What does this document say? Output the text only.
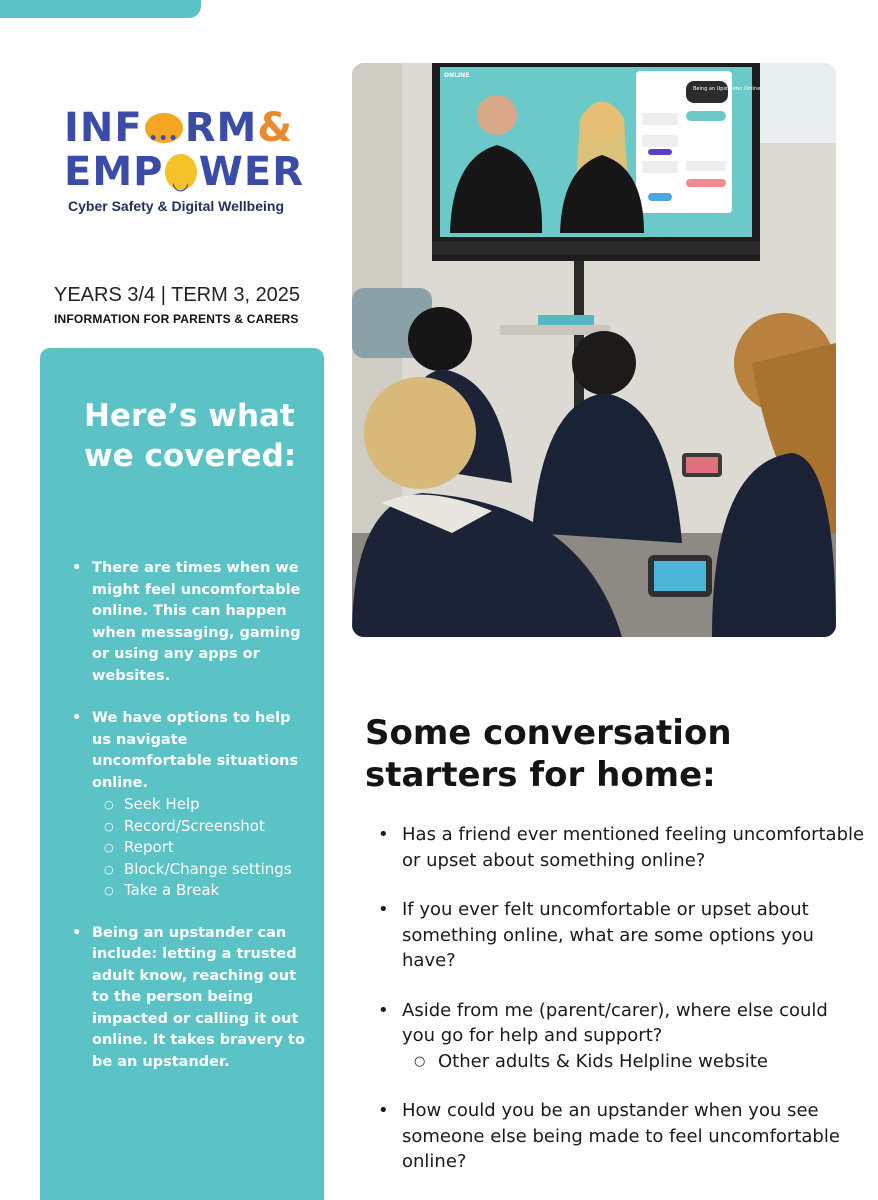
INF ••• RM &
EMP ◡ WER
Cyber Safety & Digital Wellbeing
YEARS 3/4 | TERM 3, 2025
INFORMATION FOR PARENTS & CARERS
Here’s what we covered:
• There are times when we might feel uncomfortable online. This can happen when messaging, gaming or using any apps or websites.
• We have options to help us navigate uncomfortable situations online.
○ Seek Help
○ Record/Screenshot
○ Report
○ Block/Change settings
○ Take a Break
• Being an upstander can include: letting a trusted adult know, reaching out to the person being impacted or calling it out online. It takes bravery to be an upstander.
Being an Upstander Online
ONLINE
Some conversation starters for home:
• Has a friend ever mentioned feeling uncomfortable or upset about something online?
• If you ever felt uncomfortable or upset about something online, what are some options you have?
• Aside from me (parent/carer), where else could you go for help and support?
○ Other adults & Kids Helpline website
• How could you be an upstander when you see someone else being made to feel uncomfortable online?
